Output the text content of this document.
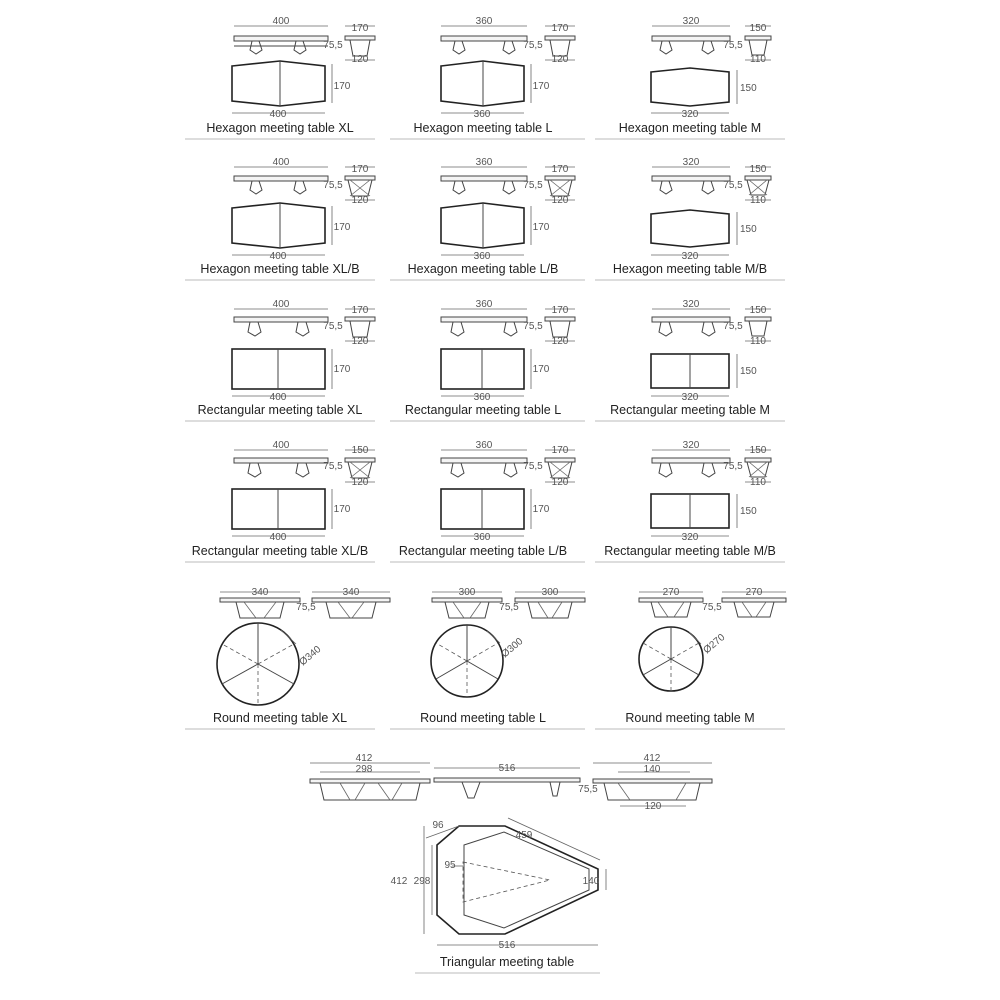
400
170
75,5
120
170
400
Hexagon meeting table XL
360
170
75,5
120
170
360
Hexagon meeting table L
320
150
75,5
110
150
320
Hexagon meeting table M
400
170
75,5
120
170
400
Hexagon meeting table XL/B
360
170
75,5
120
170
360
Hexagon meeting table L/B
320
150
75,5
110
150
320
Hexagon meeting table M/B
400
170
75,5
120
170
400
Rectangular meeting table XL
360
170
75,5
120
170
360
Rectangular meeting table L
320
150
75,5
110
150
320
Rectangular meeting table M
400	150
75,5
120
170
400
Rectangular meeting table XL/B
360	170
75,5
120
170
360
Rectangular meeting table L/B
320	150
75,5
110
150
320
Rectangular meeting table M/B
340
75,5
340
Ø340
Round meeting table XL
300
75,5
300
Ø300
Round meeting table L
270
75,5
270
Ø270
Round meeting table M
412
298	516
75,5
412
140
120
96
459
412 298
95
140
516
Triangular meeting table
